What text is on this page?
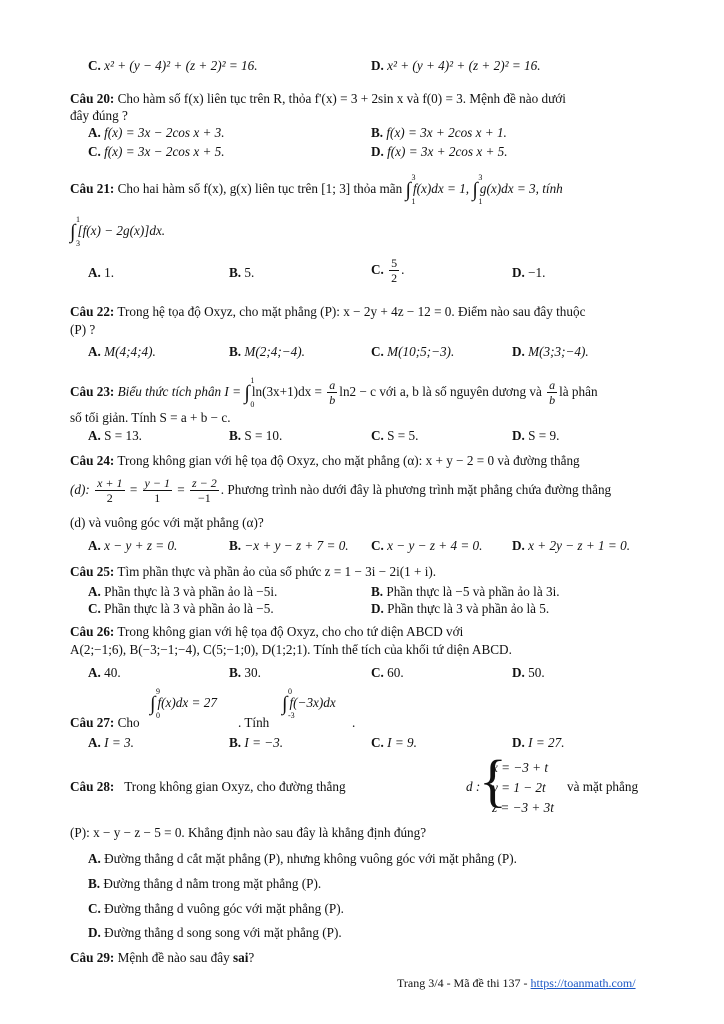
C. x² + (y − 4)² + (z + 2)² = 16.	D. x² + (y + 4)² + (z + 2)² = 16.
Câu 20: Cho hàm số f(x) liên tục trên R, thỏa f'(x) = 3 + 2sin x và f(0) = 3. Mệnh đề nào dưới
đây đúng ?
A. f(x) = 3x − 2cos x + 3.	B. f(x) = 3x + 2cos x + 1.
C. f(x) = 3x − 2cos x + 5.	D. f(x) = 3x + 2cos x + 5.
Câu 21: Cho hai hàm số f(x), g(x) liên tục trên [1; 3] thỏa mãn ∫
3
1
f(x)dx = 1, ∫
3
1
g(x)dx = 3, tính
∫
1
3
[f(x) − 2g(x)]dx.
A. 1.	B. 5.	C. $\frac{5}{2}$ .	D. −1.
Câu 22: Trong hệ tọa độ Oxyz, cho mặt phẳng (P): x − 2y + 4z − 12 = 0. Điểm nào sau đây thuộc
(P) ?
A. M(4;4;4).	B. M(2;4;−4).	C. M(10;5;−3).	D. M(3;3;−4).
Câu 23: Biểu thức tích phân I = ∫
1
0
$\ln(3x+1)dx = \frac{a}{b} \ln 2 - c$ với a, b là số nguyên dương và $\frac{a}{b}$ là phân
số tối giản. Tính S = a + b − c.
A. S = 13.	B. S = 10.	C. S = 5.	D. S = 9.
Câu 24: Trong không gian với hệ tọa độ Oxyz, cho mặt phẳng (α): x + y − 2 = 0 và đường thẳng
(d): $\frac{x + 1}{2} = \frac{y - 1}{1} = \frac{z - 2}{-1}$ . Phương trình nào dưới đây là phương trình mặt phẳng chứa đường thẳng
(d) và vuông góc với mặt phẳng (α)?
A. x − y + z = 0.	B. −x + y − z + 7 = 0. C. x − y − z + 4 = 0. D. x + 2y − z + 1 = 0.
Câu 25: Tìm phần thực và phần ảo của số phức z = 1 − 3i − 2i(1 + i).
A. Phần thực là 3 và phần ảo là −5i.	B. Phần thực là −5 và phần ảo là 3i.
C. Phần thực là 3 và phần ảo là −5.	D. Phần thực là 3 và phần ảo là 5.
Câu 26: Trong không gian với hệ tọa độ Oxyz, cho cho tứ diện ABCD với
A(2;−1;6), B(−3;−1;−4), C(5;−1;0), D(1;2;1). Tính thể tích của khối tứ diện ABCD.
A. 40.	B. 30.	C. 60.	D. 50.
Câu 27: Cho
∫
9
0
f(x)dx = 27
. Tính
∫
0
-3
f(−3x)dx
.
A. I = 3.	B. I = −3.	C. I = 9.	D. I = 27.
Câu 28: Trong không gian Oxyz, cho đường thẳng	d :
{
x = −3 + t
y = 1 − 2t
z = −3 + 3t
và mặt phẳng
(P): x − y − z − 5 = 0. Khẳng định nào sau đây là khẳng định đúng?
A. Đường thẳng d cắt mặt phẳng (P), nhưng không vuông góc với mặt phẳng (P).
B. Đường thẳng d nằm trong mặt phẳng (P).
C. Đường thẳng d vuông góc với mặt phẳng (P).
D. Đường thẳng d song song với mặt phẳng (P).
Câu 29: Mệnh đề nào sau đây sai?
Trang 3/4 - Mã đề thi 137 - https://toanmath.com/
